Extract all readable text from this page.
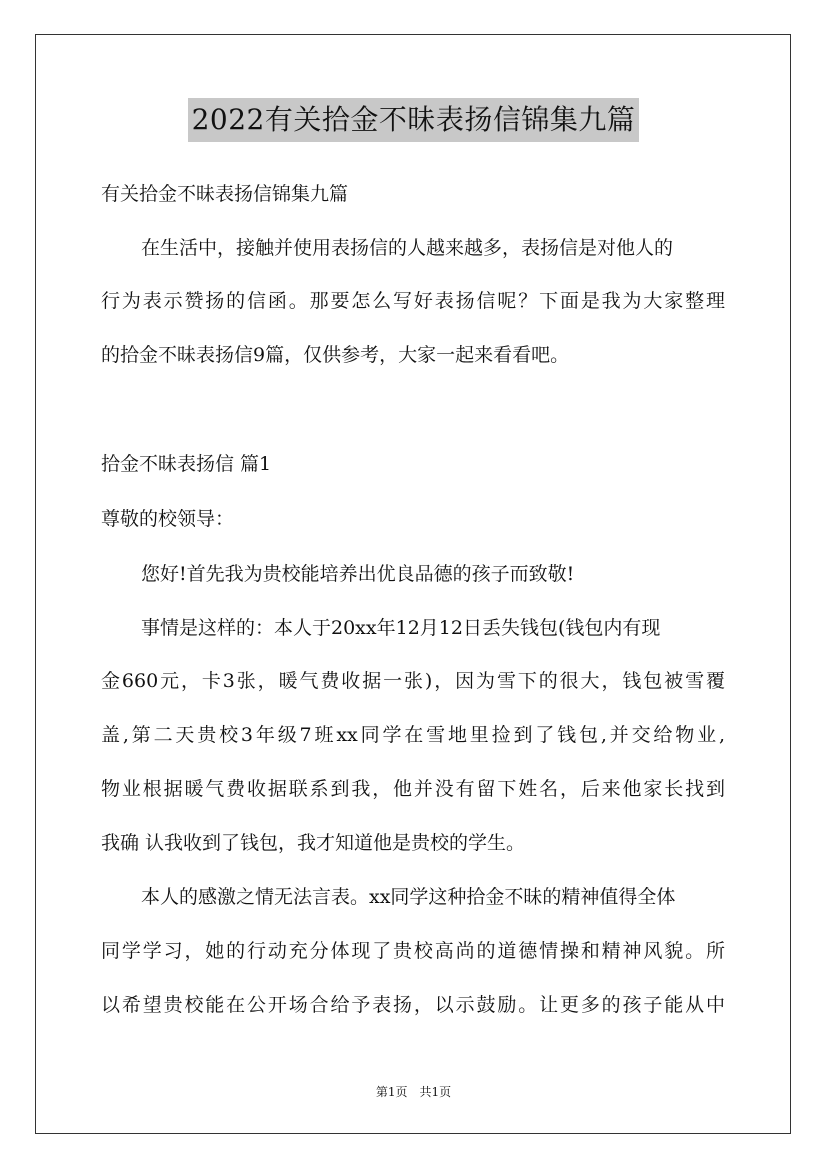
2022有关拾金不昧表扬信锦集九篇
有关拾金不昧表扬信锦集九篇
在生活中，接触并使用表扬信的人越来越多，表扬信是对他人的
行为表示赞扬的信函。那要怎么写好表扬信呢？下面是我为大家整理
的拾金不昧表扬信9篇，仅供参考，大家一起来看看吧。
拾金不昧表扬信 篇1
尊敬的校领导：
您好!首先我为贵校能培养出优良品德的孩子而致敬!
事情是这样的：本人于20xx年12月12日丢失钱包(钱包内有现
金660元，卡3张，暖气费收据一张)，因为雪下的很大，钱包被雪覆
盖,第二天贵校3年级7班xx同学在雪地里捡到了钱包,并交给物业,
物业根据暖气费收据联系到我，他并没有留下姓名，后来他家长找到
我确 认我收到了钱包，我才知道他是贵校的学生。
本人的感激之情无法言表。xx同学这种拾金不昧的精神值得全体
同学学习，她的行动充分体现了贵校高尚的道德情操和精神风貌。所
以希望贵校能在公开场合给予表扬，以示鼓励。让更多的孩子能从中
第1页　共1页
